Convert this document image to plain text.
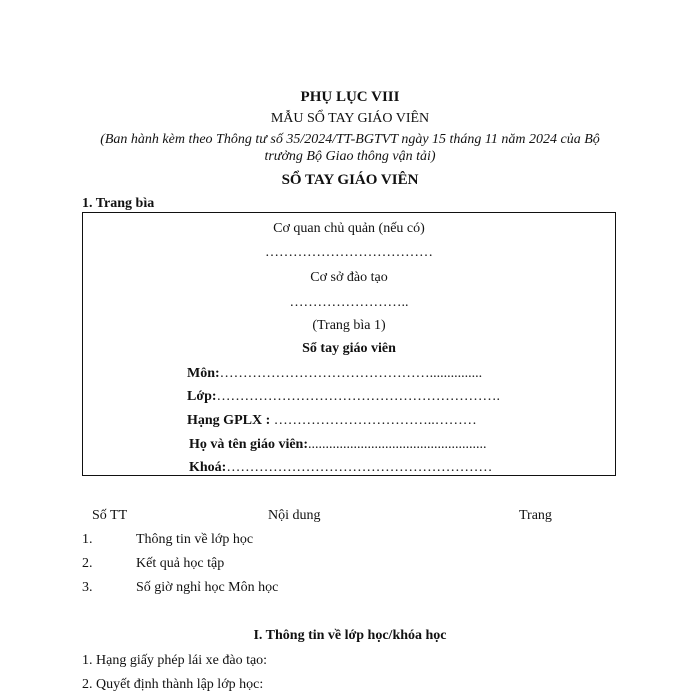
PHỤ LỤC VIII
MẪU SỔ TAY GIÁO VIÊN
(Ban hành kèm theo Thông tư số 35/2024/TT-BGTVT ngày 15 tháng 11 năm 2024 của Bộ
trưởng Bộ Giao thông vận tải)
SỔ TAY GIÁO VIÊN
1. Trang bìa
Cơ quan chủ quản (nếu có)
………………………………
Cơ sở đào tạo
……………………..
(Trang bìa 1)
Sổ tay giáo viên
Môn:………………………………………...............
Lớp:…………………………………………………….
Hạng GPLX : ……………………………..………
Họ và tên giáo viên:...................................................
Khoá:…………………………………………………
Số TT	Nội dung	Trang
1.	Thông tin về lớp học
2.	Kết quả học tập
3.	Số giờ nghỉ học Môn học
I. Thông tin về lớp học/khóa học
1. Hạng giấy phép lái xe đào tạo:
2. Quyết định thành lập lớp học:
